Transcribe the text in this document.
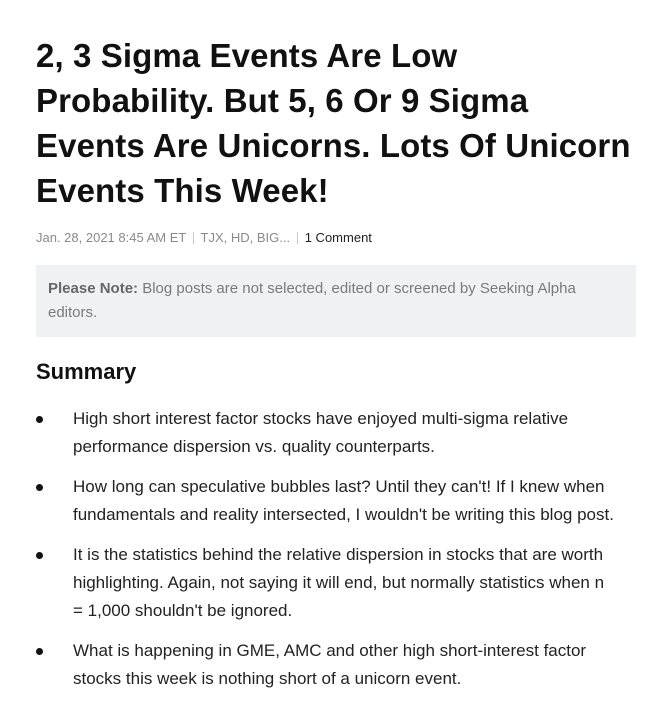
2, 3 Sigma Events Are Low Probability. But 5, 6 Or 9 Sigma Events Are Unicorns. Lots Of Unicorn Events This Week!
Jan. 28, 2021 8:45 AM ET | TJX, HD, BIG... | 1 Comment
Please Note: Blog posts are not selected, edited or screened by Seeking Alpha editors.
Summary
High short interest factor stocks have enjoyed multi-sigma relative performance dispersion vs. quality counterparts.
How long can speculative bubbles last? Until they can't! If I knew when fundamentals and reality intersected, I wouldn't be writing this blog post.
It is the statistics behind the relative dispersion in stocks that are worth highlighting. Again, not saying it will end, but normally statistics when n = 1,000 shouldn't be ignored.
What is happening in GME, AMC and other high short-interest factor stocks this week is nothing short of a unicorn event.
